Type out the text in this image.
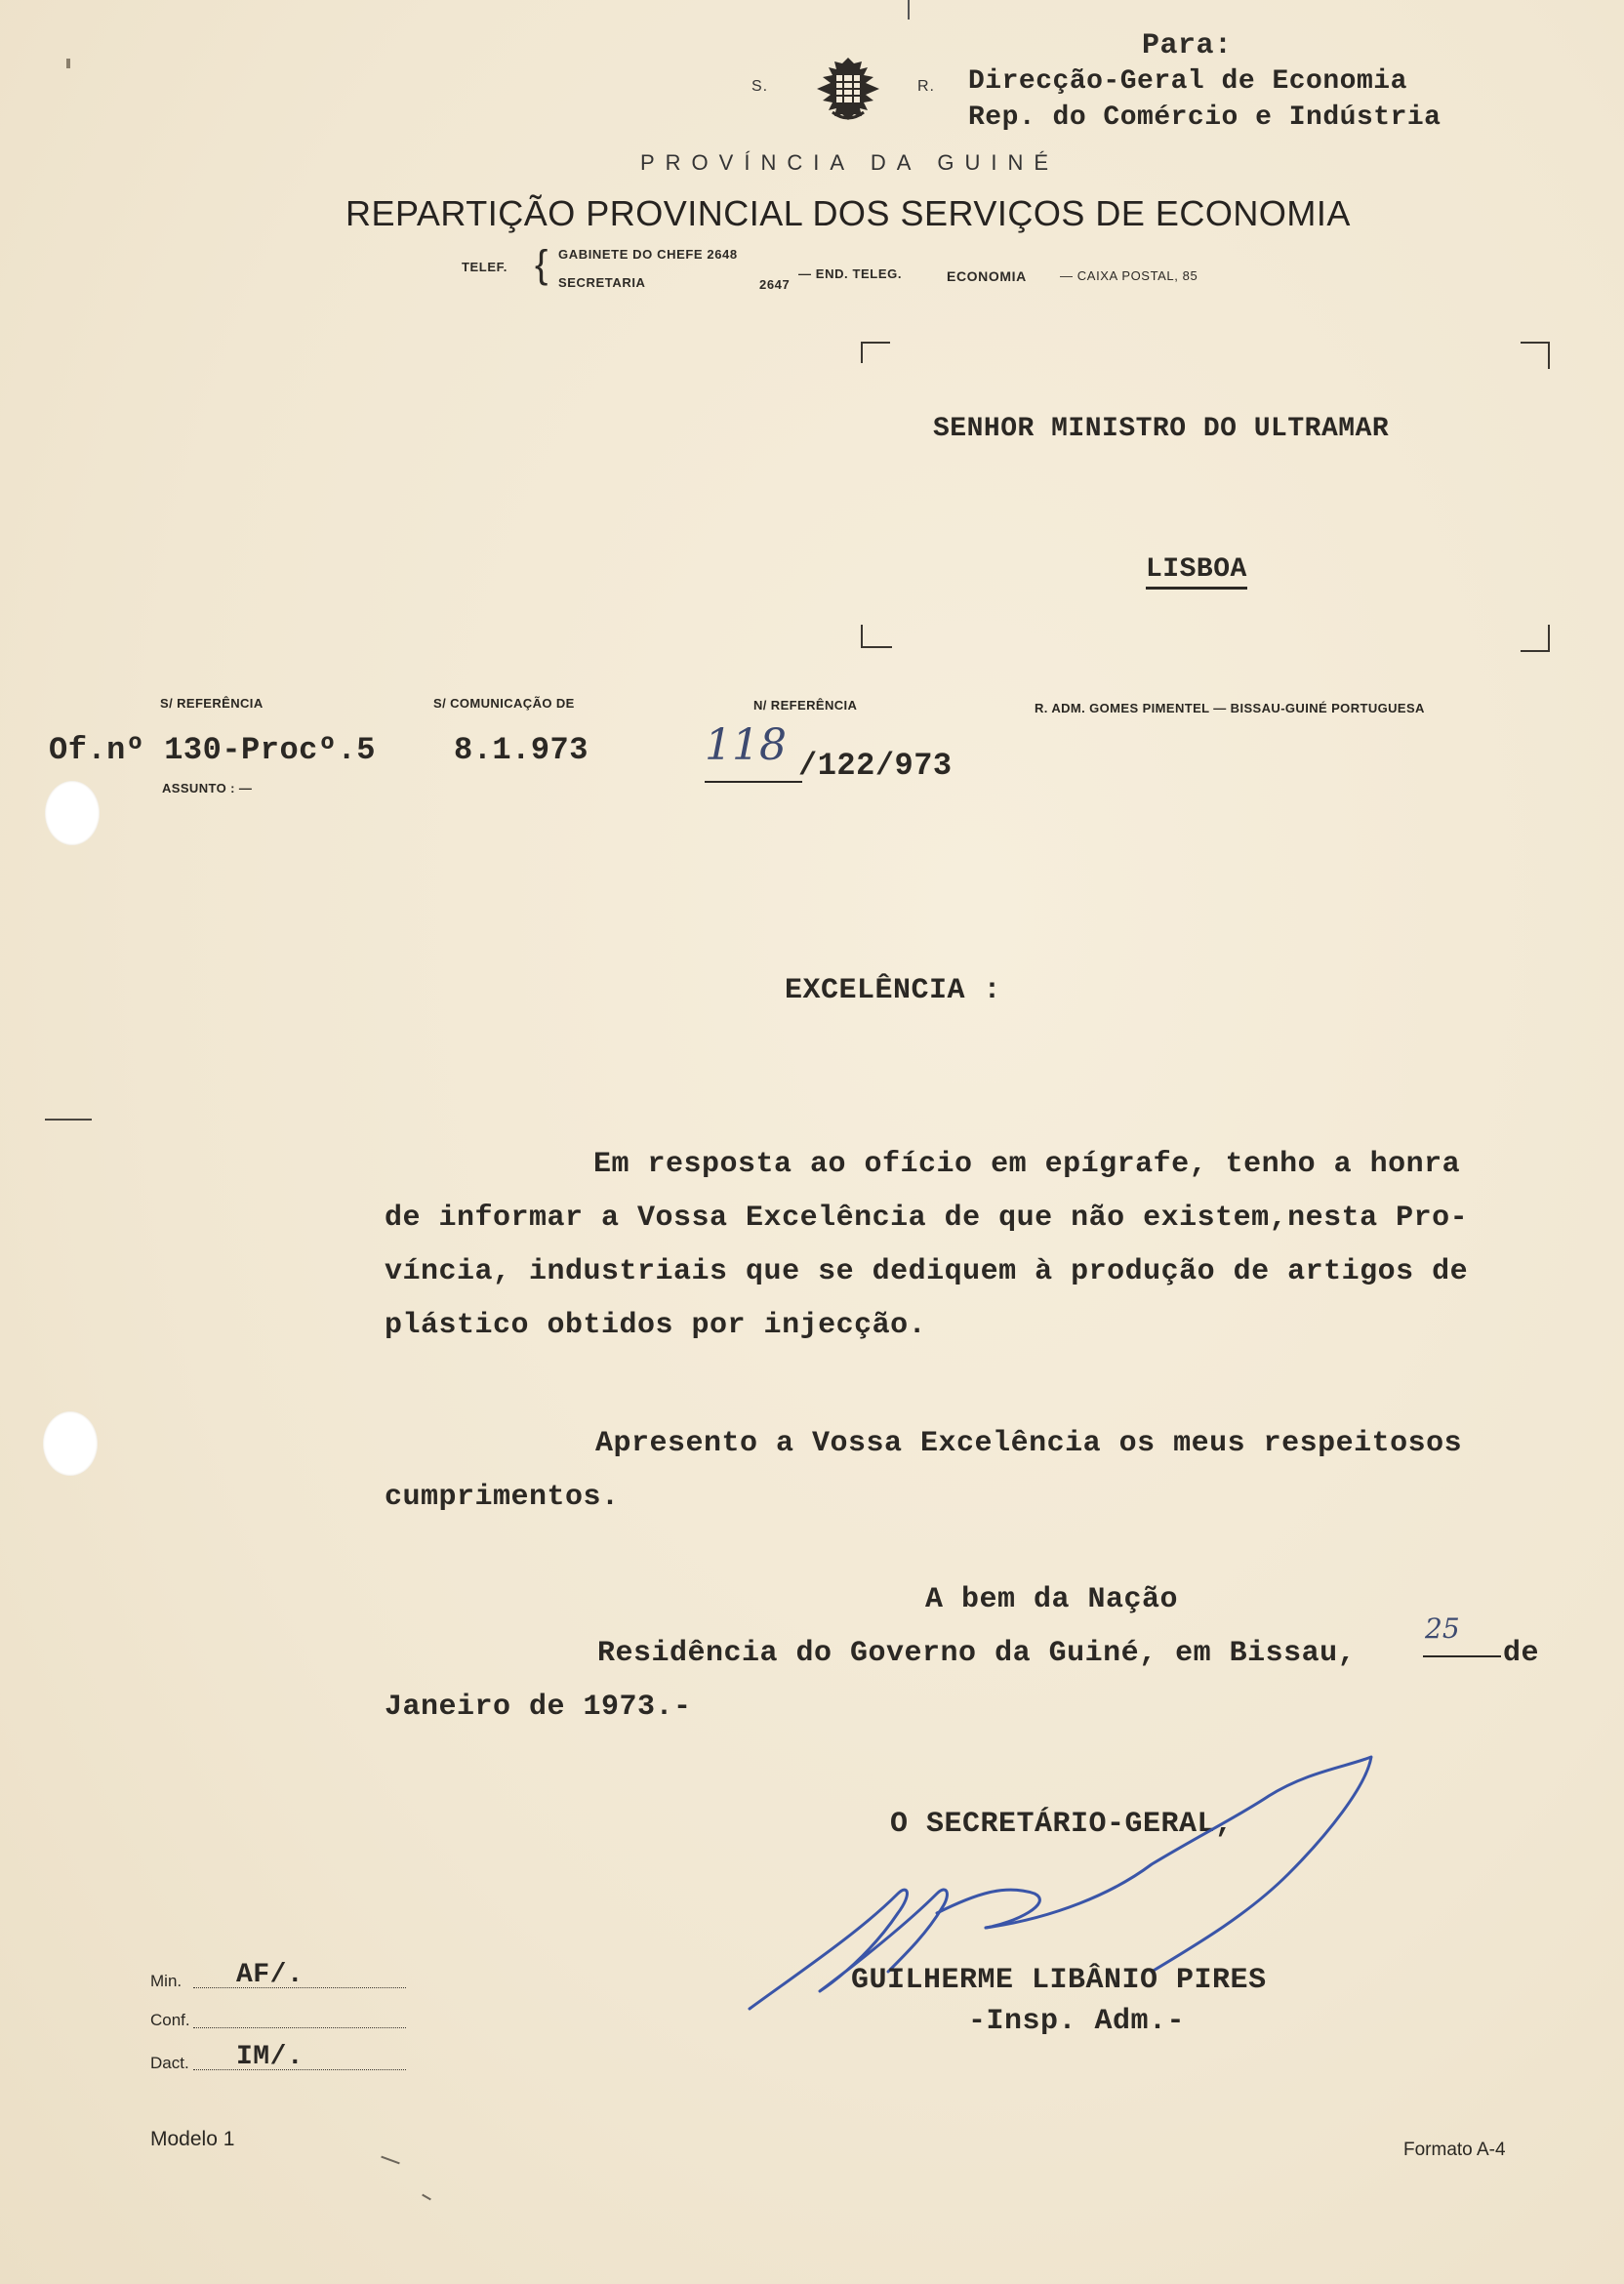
Para:
S.	R. Direcção-Geral de Economia
Rep. do Comércio e Indústria
PROVÍNCIA DA GUINÉ
REPARTIÇÃO PROVINCIAL DOS SERVIÇOS DE ECONOMIA
TELEF. { GABINETE DO CHEFE 2648
SECRETARIA	2647
— END. TELEG.	ECONOMIA	— CAIXA POSTAL, 85
SENHOR MINISTRO DO ULTRAMAR
LISBOA
S/ REFERÊNCIA	S/ COMUNICAÇÃO DE	N/ REFERÊNCIA	R. ADM. GOMES PIMENTEL — BISSAU-GUINÉ PORTUGUESA
Of.nº 130-Procº.5	8.1.973	118 /122/973
ASSUNTO : —
EXCELÊNCIA :
Em resposta ao ofício em epígrafe, tenho a honra
de informar a Vossa Excelência de que não existem,nesta Pro-
víncia, industriais que se dediquem à produção de artigos de
plástico obtidos por injecção.
Apresento a Vossa Excelência os meus respeitosos
cumprimentos.
A bem da Nação
Residência do Governo da Guiné, em Bissau,
25
de
Janeiro de 1973.-
O SECRETÁRIO-GERAL,
GUILHERME LIBÂNIO PIRES
-Insp. Adm.-
Min. AF/.
Conf.
Dact. IM/.
Modelo 1	Formato A-4
